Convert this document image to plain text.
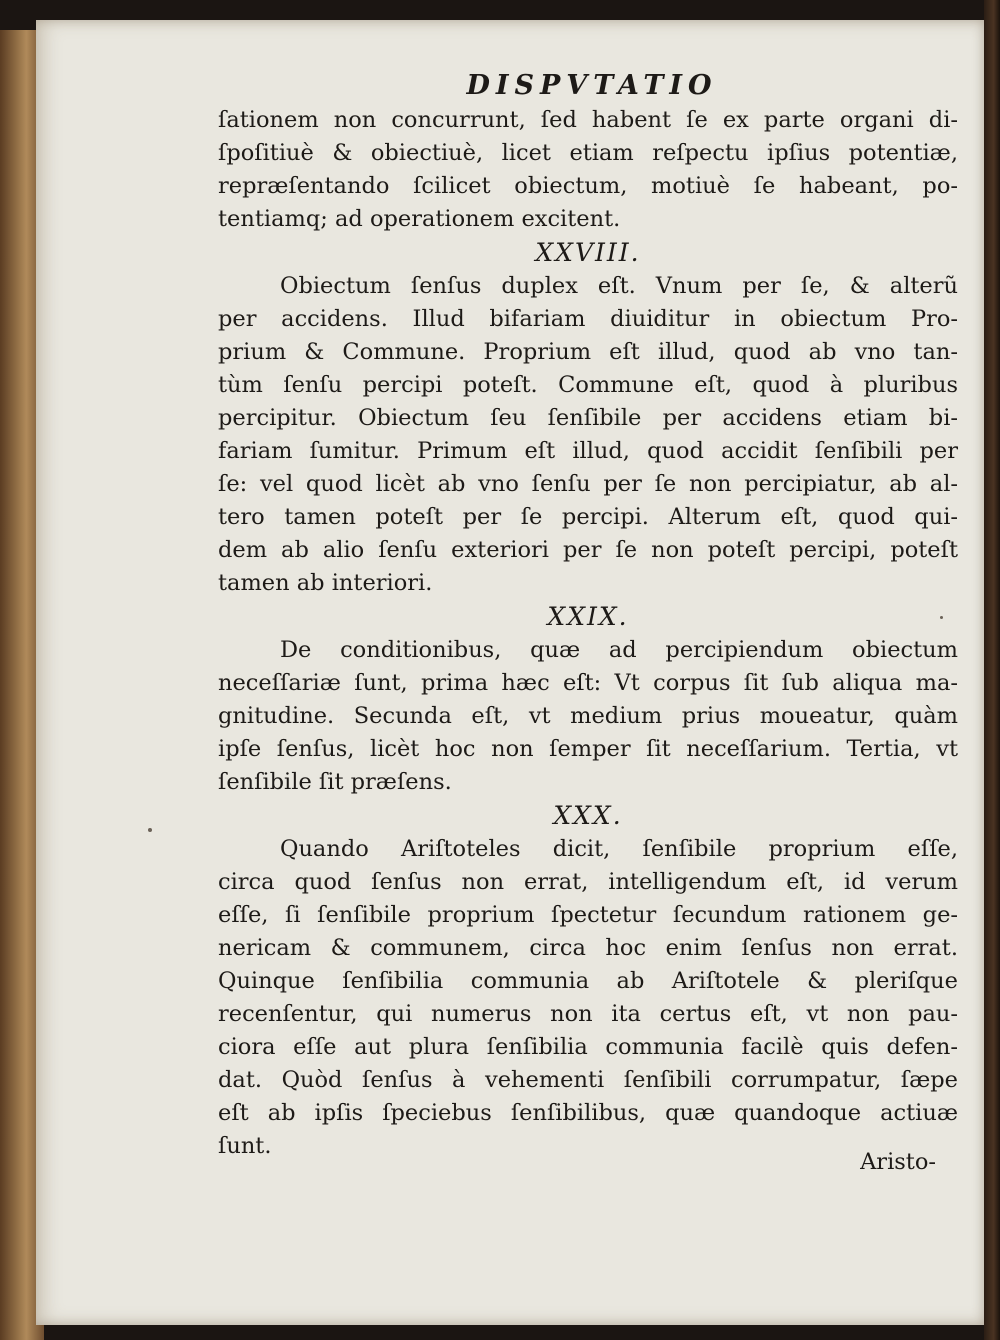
Aristo-
DISPVTATIO
ſationem non concurrunt, ſed habent ſe ex parte organi di-
ſpoſitiuè & obiectiuè, licet etiam reſpectu ipſius potentiæ,
repræſentando ſcilicet obiectum, motiuè ſe habeant, po-
tentiamq; ad operationem excitent.
XXVIII.
Obiectum ſenſus duplex eſt. Vnum per ſe, & alterũ
per accidens. Illud bifariam diuiditur in obiectum Pro-
prium & Commune. Proprium eſt illud, quod ab vno tan-
tùm ſenſu percipi poteſt. Commune eſt, quod à pluribus
percipitur. Obiectum ſeu ſenſibile per accidens etiam bi-
fariam ſumitur. Primum eſt illud, quod accidit ſenſibili per
ſe: vel quod licèt ab vno ſenſu per ſe non percipiatur, ab al-
tero tamen poteſt per ſe percipi. Alterum eſt, quod qui-
dem ab alio ſenſu exteriori per ſe non poteſt percipi, poteſt
tamen ab interiori.
XXIX.
De conditionibus, quæ ad percipiendum obiectum
neceſſariæ ſunt, prima hæc eſt: Vt corpus ſit ſub aliqua ma-
gnitudine. Secunda eſt, vt medium prius moueatur, quàm
ipſe ſenſus, licèt hoc non ſemper ſit neceſſarium. Tertia, vt
ſenſibile ſit præſens.
XXX.
Quando Ariſtoteles dicit, ſenſibile proprium eſſe,
circa quod ſenſus non errat, intelligendum eſt, id verum
eſſe, ſi ſenſibile proprium ſpectetur ſecundum rationem ge-
nericam & communem, circa hoc enim ſenſus non errat.
Quinque ſenſibilia communia ab Ariſtotele & pleriſque
recenſentur, qui numerus non ita certus eſt, vt non pau-
ciora eſſe aut plura ſenſibilia communia facilè quis defen-
dat. Quòd ſenſus à vehementi ſenſibili corrumpatur, ſæpe
eſt ab ipſis ſpeciebus ſenſibilibus, quæ quandoque actiuæ
ſunt.
